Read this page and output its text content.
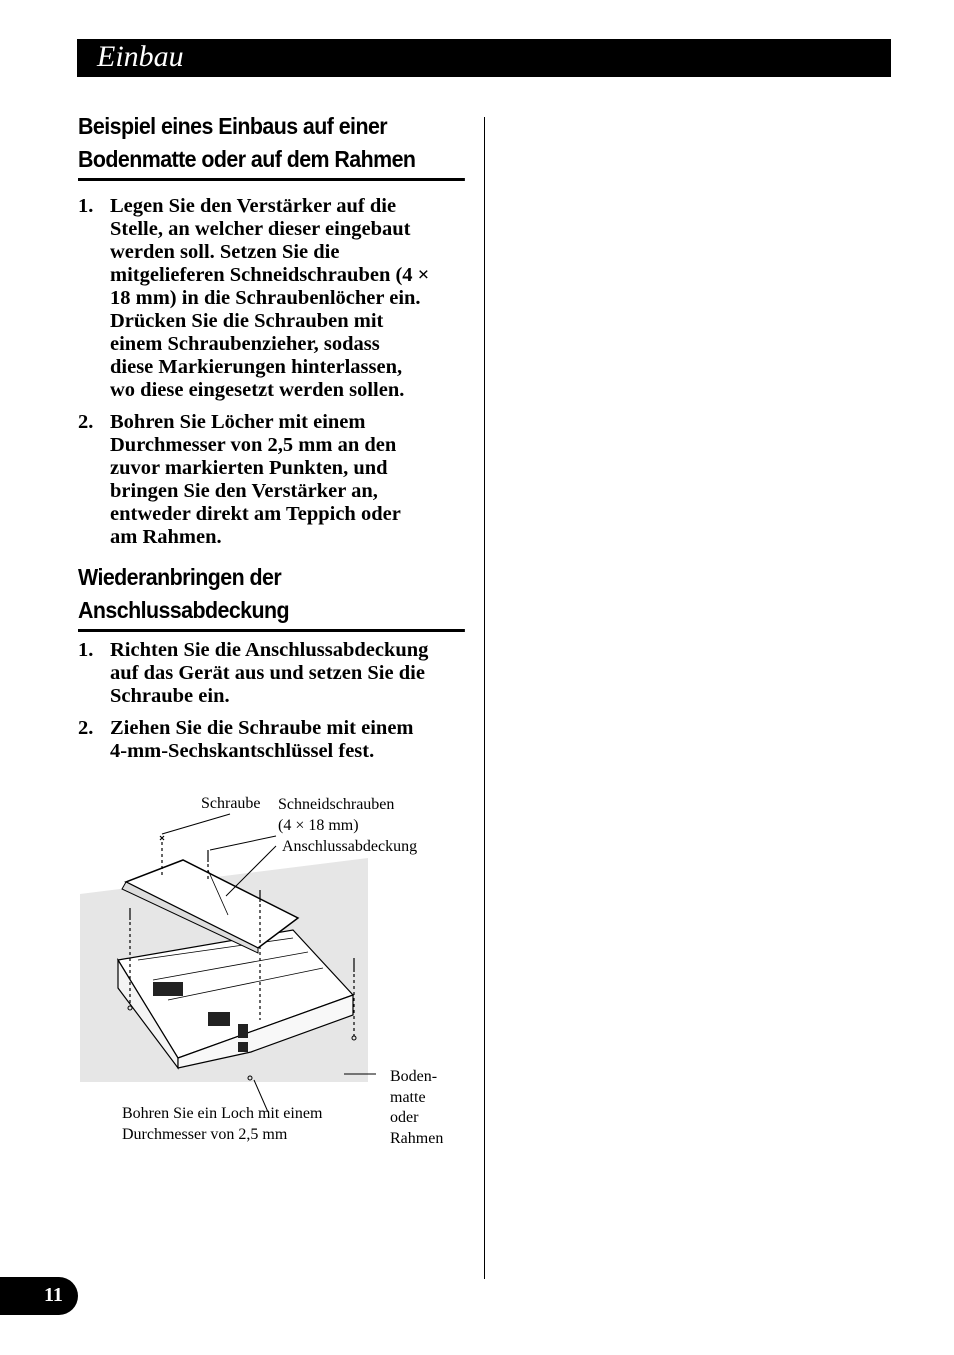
Einbau
Beispiel eines Einbaus auf einer
Bodenmatte oder auf dem Rahmen
1. Legen Sie den Verstärker auf die
Stelle, an welcher dieser eingebaut
werden soll. Setzen Sie die
mitgelieferen Schneidschrauben (4 ×
18 mm) in die Schraubenlöcher ein.
Drücken Sie die Schrauben mit
einem Schraubenzieher, sodass
diese Markierungen hinterlassen,
wo diese eingesetzt werden sollen.
2. Bohren Sie Löcher mit einem
Durchmesser von 2,5 mm an den
zuvor markierten Punkten, und
bringen Sie den Verstärker an,
entweder direkt am Teppich oder
am Rahmen.
Wiederanbringen der
Anschlussabdeckung
1. Richten Sie die Anschlussabdeckung
auf das Gerät aus und setzen Sie die
Schraube ein.
2. Ziehen Sie die Schraube mit einem
4-mm-Sechskantschlüssel fest.
Schraube Schneidschrauben
(4 × 18 mm)
Anschlussabdeckung
Boden-
matte
oder
Rahmen
Bohren Sie ein Loch mit einem
Durchmesser von 2,5 mm
11
